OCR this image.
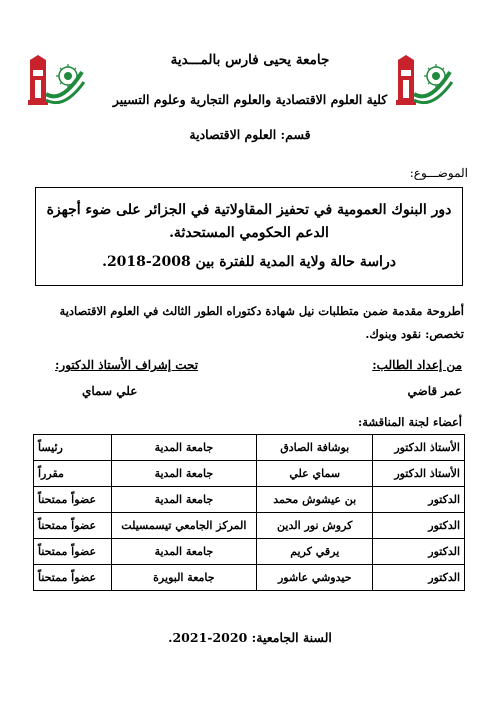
جامعة يحيى فارس بالمـــدية
كلية العلوم الاقتصادية والعلوم التجارية وعلوم التسيير
قسم: العلوم الاقتصادية
الموضـــوع:
دور البنوك العمومية في تحفيز المقاولاتية في الجزائر على ضوء أجهزة الدعم الحكومي المستحدثة.
دراسة حالة ولاية المدية للفترة بين 2008-2018.
أطروحة مقدمة ضمن متطلبات نيل شهادة دكتوراه الطور الثالث في العلوم الاقتصادية تخصص: نقود وبنوك.
من إعداد الطالب:
عمر قاضي
تحت إشراف الأستاذ الدكتور:
علي سماي
أعضاء لجنة المناقشة:
الأستاذ الدكتور	بوشافة الصادق	جامعة المدية	رئيساً
الأستاذ الدكتور	سماي علي	جامعة المدية	مقرراً
الدكتور	بن عيشوش محمد	جامعة المدية	عضواً ممتحناً
الدكتور	كروش نور الدين	المركز الجامعي تيسمسيلت	عضواً ممتحناً
الدكتور	يرقي كريم	جامعة المدية	عضواً ممتحناً
الدكتور	حيدوشي عاشور	جامعة البويرة	عضواً ممتحناً
السنة الجامعية: 2020-2021.
